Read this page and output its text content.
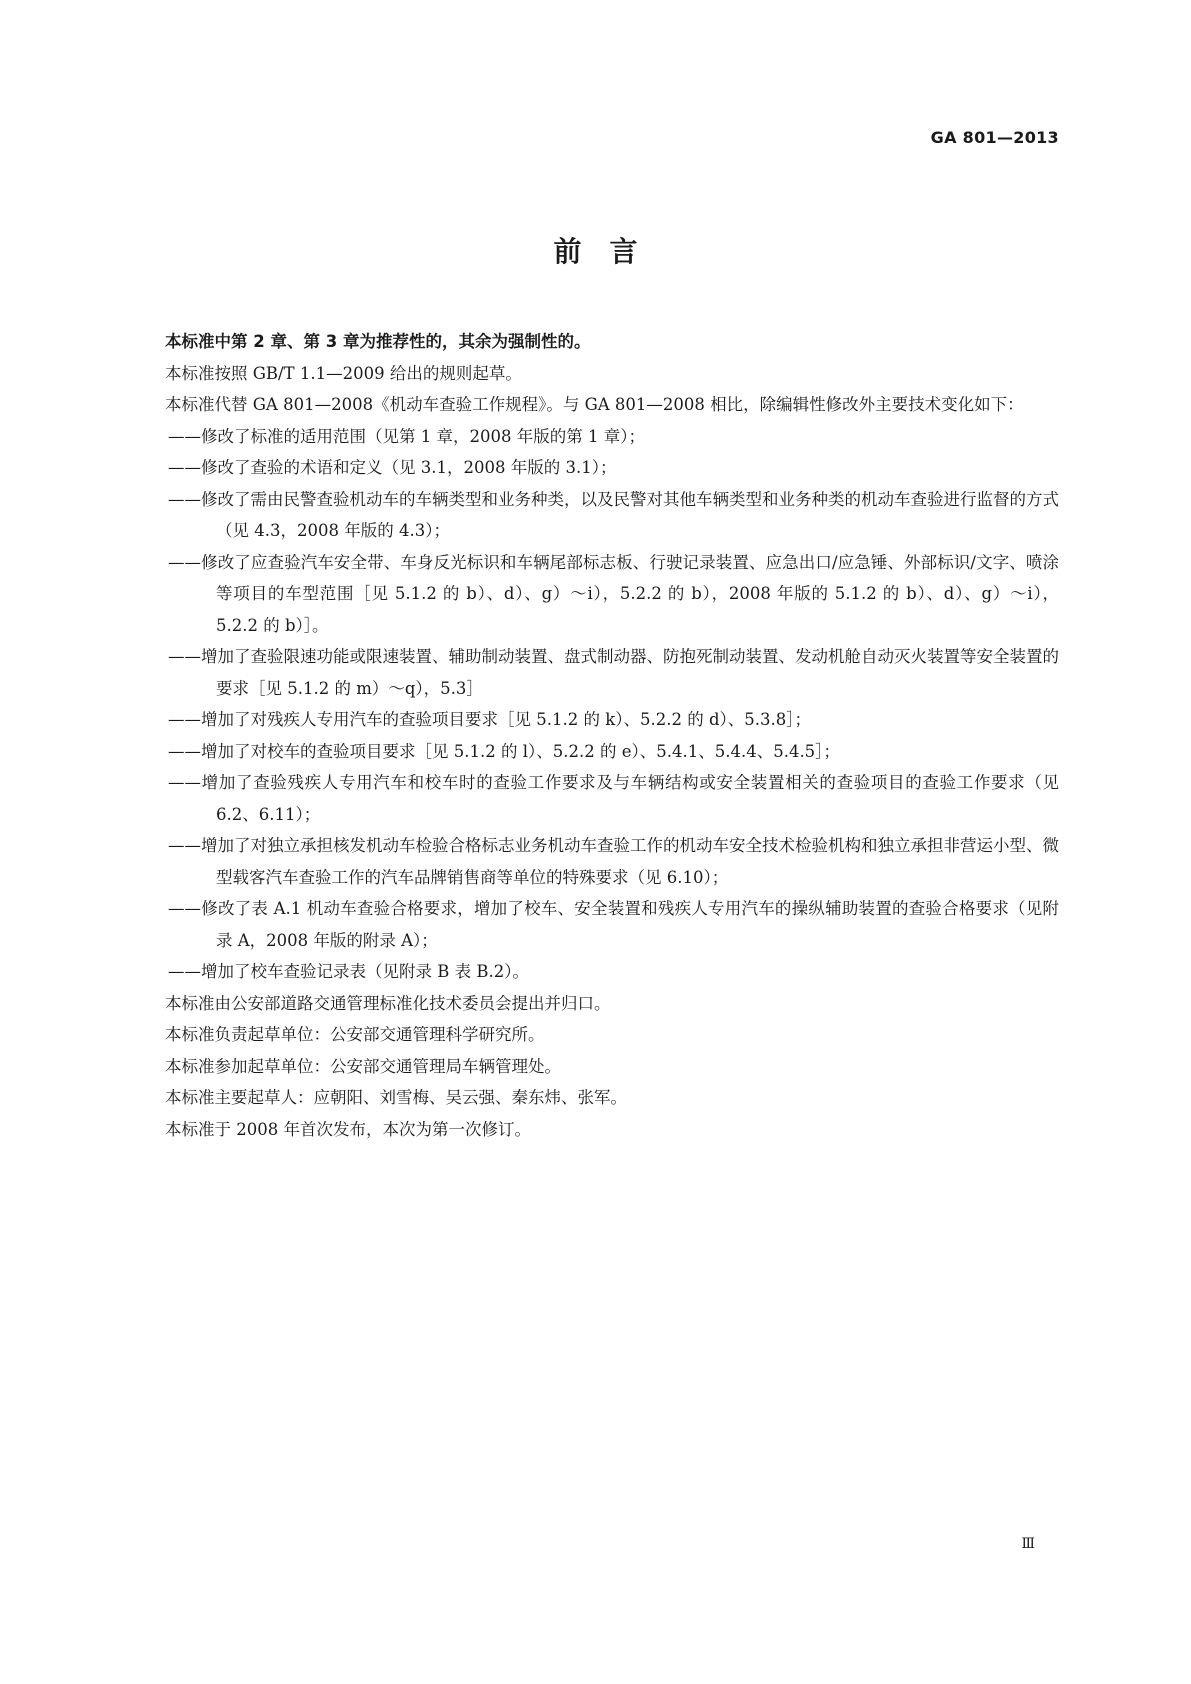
GA 801—2013
前言

本标准中第 2 章、第 3 章为推荐性的，其余为强制性的。

本标准按照 GB/T 1.1—2009 给出的规则起草。

本标准代替 GA 801—2008《机动车查验工作规程》。与 GA 801—2008 相比，除编辑性修改外主要技术变化如下：

——修改了标准的适用范围（见第 1 章，2008 年版的第 1 章）；

——修改了查验的术语和定义（见 3.1，2008 年版的 3.1）；

——修改了需由民警查验机动车的车辆类型和业务种类，以及民警对其他车辆类型和业务种类的机动车查验进行监督的方式（见 4.3，2008 年版的 4.3）；

——修改了应查验汽车安全带、车身反光标识和车辆尾部标志板、行驶记录装置、应急出口/应急锤、外部标识/文字、喷涂等项目的车型范围［见 5.1.2 的 b）、d）、g）～i），5.2.2 的 b），2008 年版的 5.1.2 的 b）、d）、g）～i），5.2.2 的 b）］。

——增加了查验限速功能或限速装置、辅助制动装置、盘式制动器、防抱死制动装置、发动机舱自动灭火装置等安全装置的要求［见 5.1.2 的 m）～q），5.3］

——增加了对残疾人专用汽车的查验项目要求［见 5.1.2 的 k）、5.2.2 的 d）、5.3.8］；

——增加了对校车的查验项目要求［见 5.1.2 的 l）、5.2.2 的 e）、5.4.1、5.4.4、5.4.5］；

——增加了查验残疾人专用汽车和校车时的查验工作要求及与车辆结构或安全装置相关的查验项目的查验工作要求（见 6.2、6.11）；

——增加了对独立承担核发机动车检验合格标志业务机动车查验工作的机动车安全技术检验机构和独立承担非营运小型、微型载客汽车查验工作的汽车品牌销售商等单位的特殊要求（见 6.10）；

——修改了表 A.1 机动车查验合格要求，增加了校车、安全装置和残疾人专用汽车的操纵辅助装置的查验合格要求（见附录 A，2008 年版的附录 A）；

——增加了校车查验记录表（见附录 B 表 B.2）。

本标准由公安部道路交通管理标准化技术委员会提出并归口。

本标准负责起草单位：公安部交通管理科学研究所。

本标准参加起草单位：公安部交通管理局车辆管理处。

本标准主要起草人：应朝阳、刘雪梅、吴云强、秦东炜、张军。

本标准于 2008 年首次发布，本次为第一次修订。

Ⅲ
